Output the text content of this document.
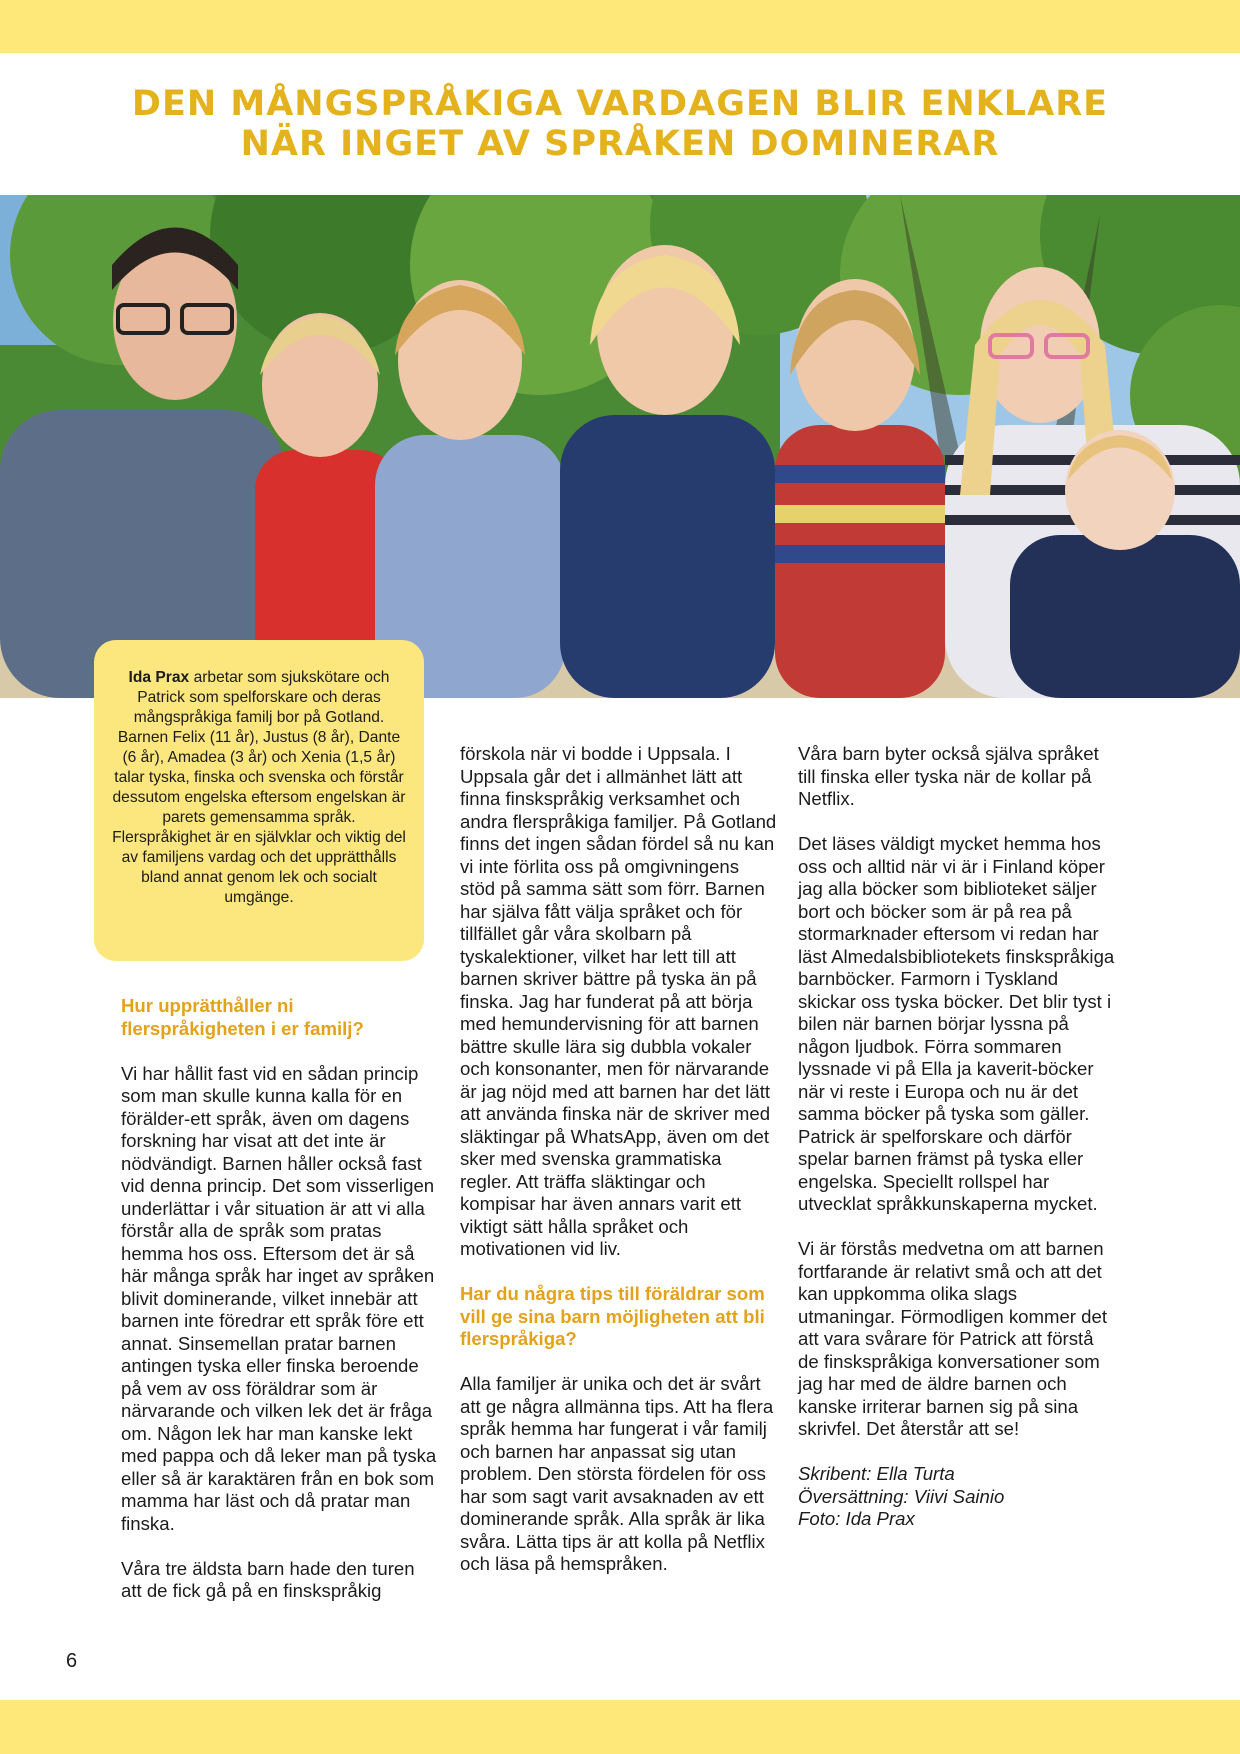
DEN MÅNGSPRÅKIGA VARDAGEN BLIR ENKLARE
NÄR INGET AV SPRÅKEN DOMINERAR
Ida Prax arbetar som sjukskötare och Patrick som spelforskare och deras mångspråkiga familj bor på Gotland. Barnen Felix (11 år), Justus (8 år), Dante (6 år), Amadea (3 år) och Xenia (1,5 år) talar tyska, finska och svenska och förstår dessutom engelska eftersom engelskan är parets gemensamma språk. Flerspråkighet är en självklar och viktig del av familjens vardag och det upprätthålls bland annat genom lek och socialt umgänge.

Hur upprätthåller ni flerspråkigheten i er familj?

Vi har hållit fast vid en sådan princip som man skulle kunna kalla för en förälder-ett språk, även om dagens forskning har visat att det inte är nödvändigt. Barnen håller också fast vid denna princip. Det som visserligen underlättar i vår situation är att vi alla förstår alla de språk som pratas hemma hos oss. Eftersom det är så här många språk har inget av språken blivit dominerande, vilket innebär att barnen inte föredrar ett språk före ett annat. Sinsemellan pratar barnen antingen tyska eller finska beroende på vem av oss föräldrar som är närvarande och vilken lek det är fråga om. Någon lek har man kanske lekt med pappa och då leker man på tyska eller så är karaktären från en bok som mamma har läst och då pratar man finska.

Våra tre äldsta barn hade den turen att de fick gå på en finskspråkig

förskola när vi bodde i Uppsala. I Uppsala går det i allmänhet lätt att finna finskspråkig verksamhet och andra flerspråkiga familjer. På Gotland finns det ingen sådan fördel så nu kan vi inte förlita oss på omgivningens stöd på samma sätt som förr. Barnen har själva fått välja språket och för tillfället går våra skolbarn på tyskalektioner, vilket har lett till att barnen skriver bättre på tyska än på finska. Jag har funderat på att börja med hemundervisning för att barnen bättre skulle lära sig dubbla vokaler och konsonanter, men för närvarande är jag nöjd med att barnen har det lätt att använda finska när de skriver med släktingar på WhatsApp, även om det sker med svenska grammatiska regler. Att träffa släktingar och kompisar har även annars varit ett viktigt sätt hålla språket och motivationen vid liv.

Har du några tips till föräldrar som vill ge sina barn möjligheten att bli flerspråkiga?

Alla familjer är unika och det är svårt att ge några allmänna tips. Att ha flera språk hemma har fungerat i vår familj och barnen har anpassat sig utan problem. Den största fördelen för oss har som sagt varit avsaknaden av ett dominerande språk. Alla språk är lika svåra. Lätta tips är att kolla på Netflix och läsa på hemspråken.

Våra barn byter också själva språket till finska eller tyska när de kollar på Netflix.

Det läses väldigt mycket hemma hos oss och alltid när vi är i Finland köper jag alla böcker som biblioteket säljer bort och böcker som är på rea på stormarknader eftersom vi redan har läst Almedalsbibliotekets finskspråkiga barnböcker. Farmorn i Tyskland skickar oss tyska böcker. Det blir tyst i bilen när barnen börjar lyssna på någon ljudbok. Förra sommaren lyssnade vi på Ella ja kaverit-böcker när vi reste i Europa och nu är det samma böcker på tyska som gäller. Patrick är spelforskare och därför spelar barnen främst på tyska eller engelska. Speciellt rollspel har utvecklat språkkunskaperna mycket.

Vi är förstås medvetna om att barnen fortfarande är relativt små och att det kan uppkomma olika slags utmaningar. Förmodligen kommer det att vara svårare för Patrick att förstå de finskspråkiga konversationer som jag har med de äldre barnen och kanske irriterar barnen sig på sina skrivfel. Det återstår att se!

Skribent: Ella Turta
Översättning: Viivi Sainio
Foto: Ida Prax

6
